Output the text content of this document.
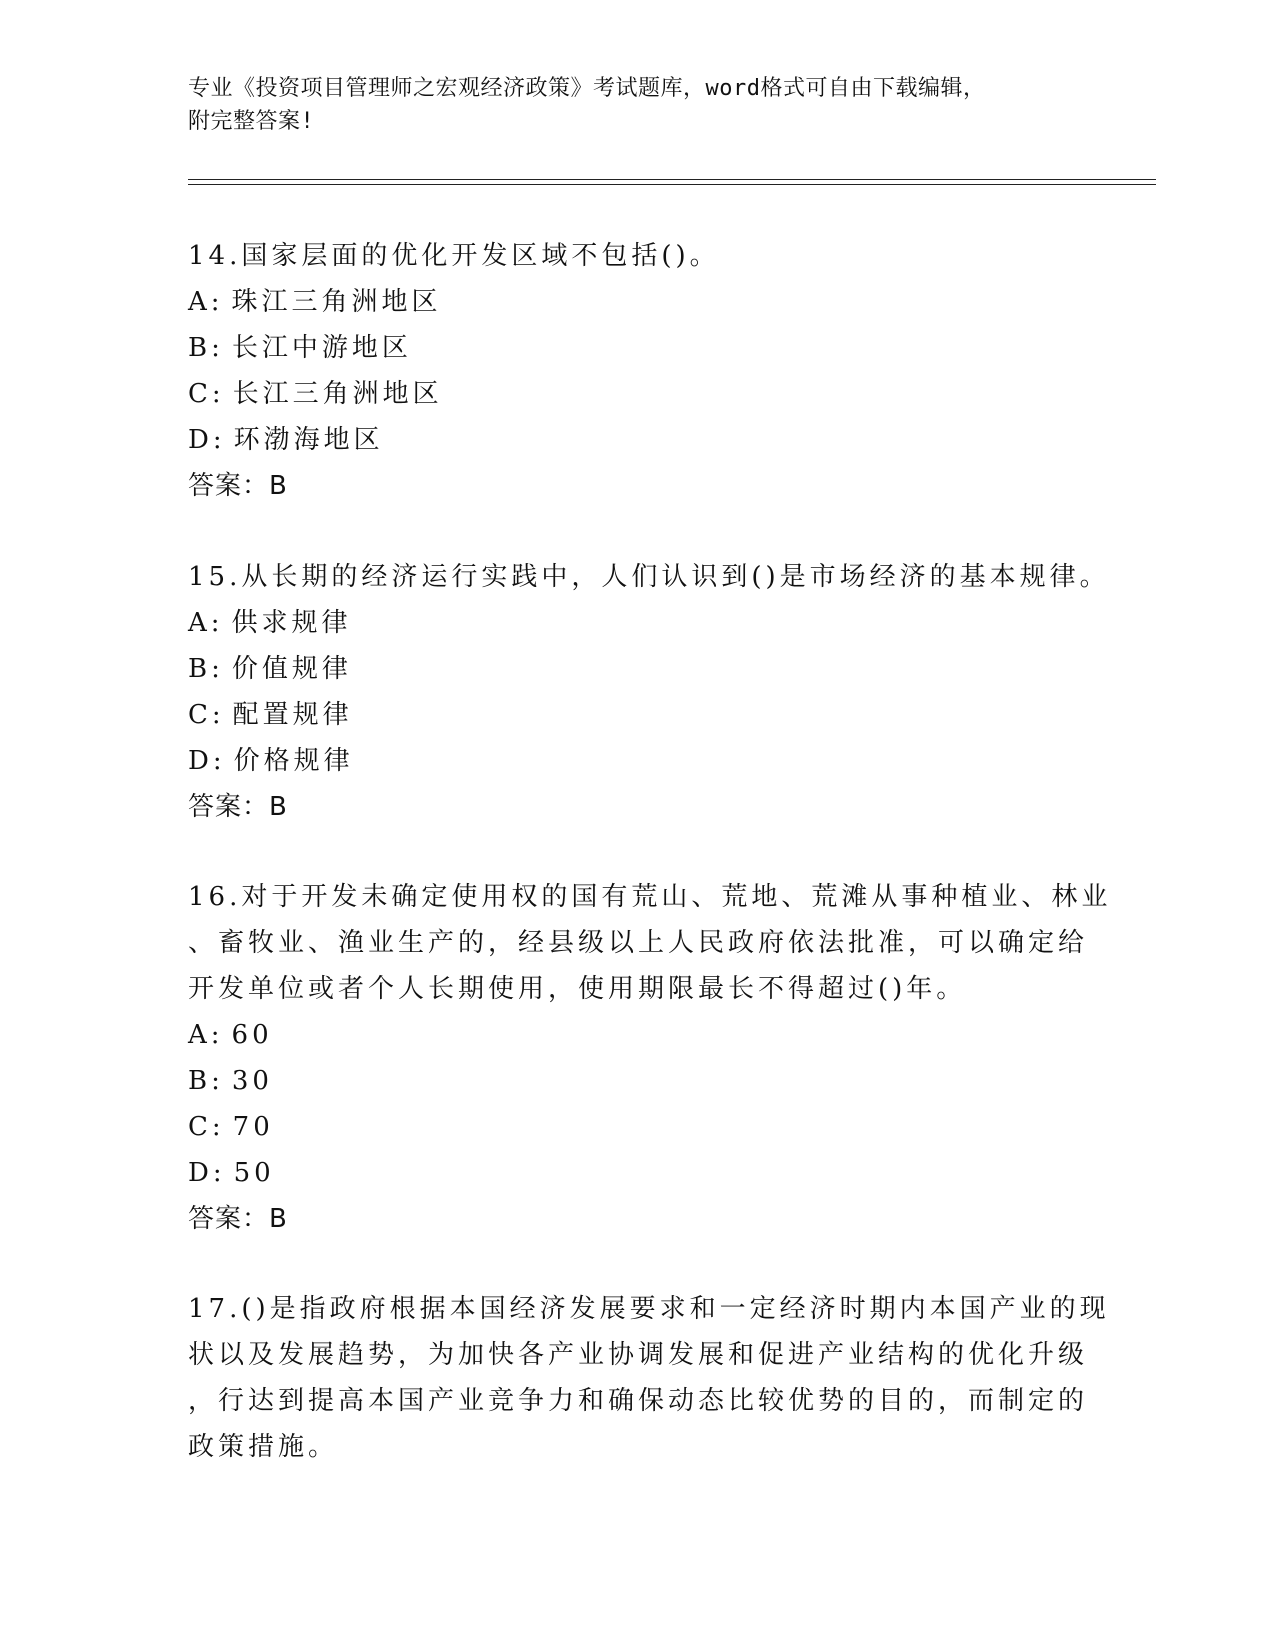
专业《投资项目管理师之宏观经济政策》考试题库，word格式可自由下载编辑，
附完整答案!
14.国家层面的优化开发区域不包括()。
A: 珠江三角洲地区
B: 长江中游地区
C: 长江三角洲地区
D: 环渤海地区
答案：B
15.从长期的经济运行实践中，人们认识到()是市场经济的基本规律。
A: 供求规律
B: 价值规律
C: 配置规律
D: 价格规律
答案：B
16.对于开发未确定使用权的国有荒山、荒地、荒滩从事种植业、林业
、畜牧业、渔业生产的，经县级以上人民政府依法批准，可以确定给
开发单位或者个人长期使用，使用期限最长不得超过()年。
A: 60
B: 30
C: 70
D: 50
答案：B
17.()是指政府根据本国经济发展要求和一定经济时期内本国产业的现
状以及发展趋势，为加快各产业协调发展和促进产业结构的优化升级
，行达到提高本国产业竞争力和确保动态比较优势的目的，而制定的
政策措施。
